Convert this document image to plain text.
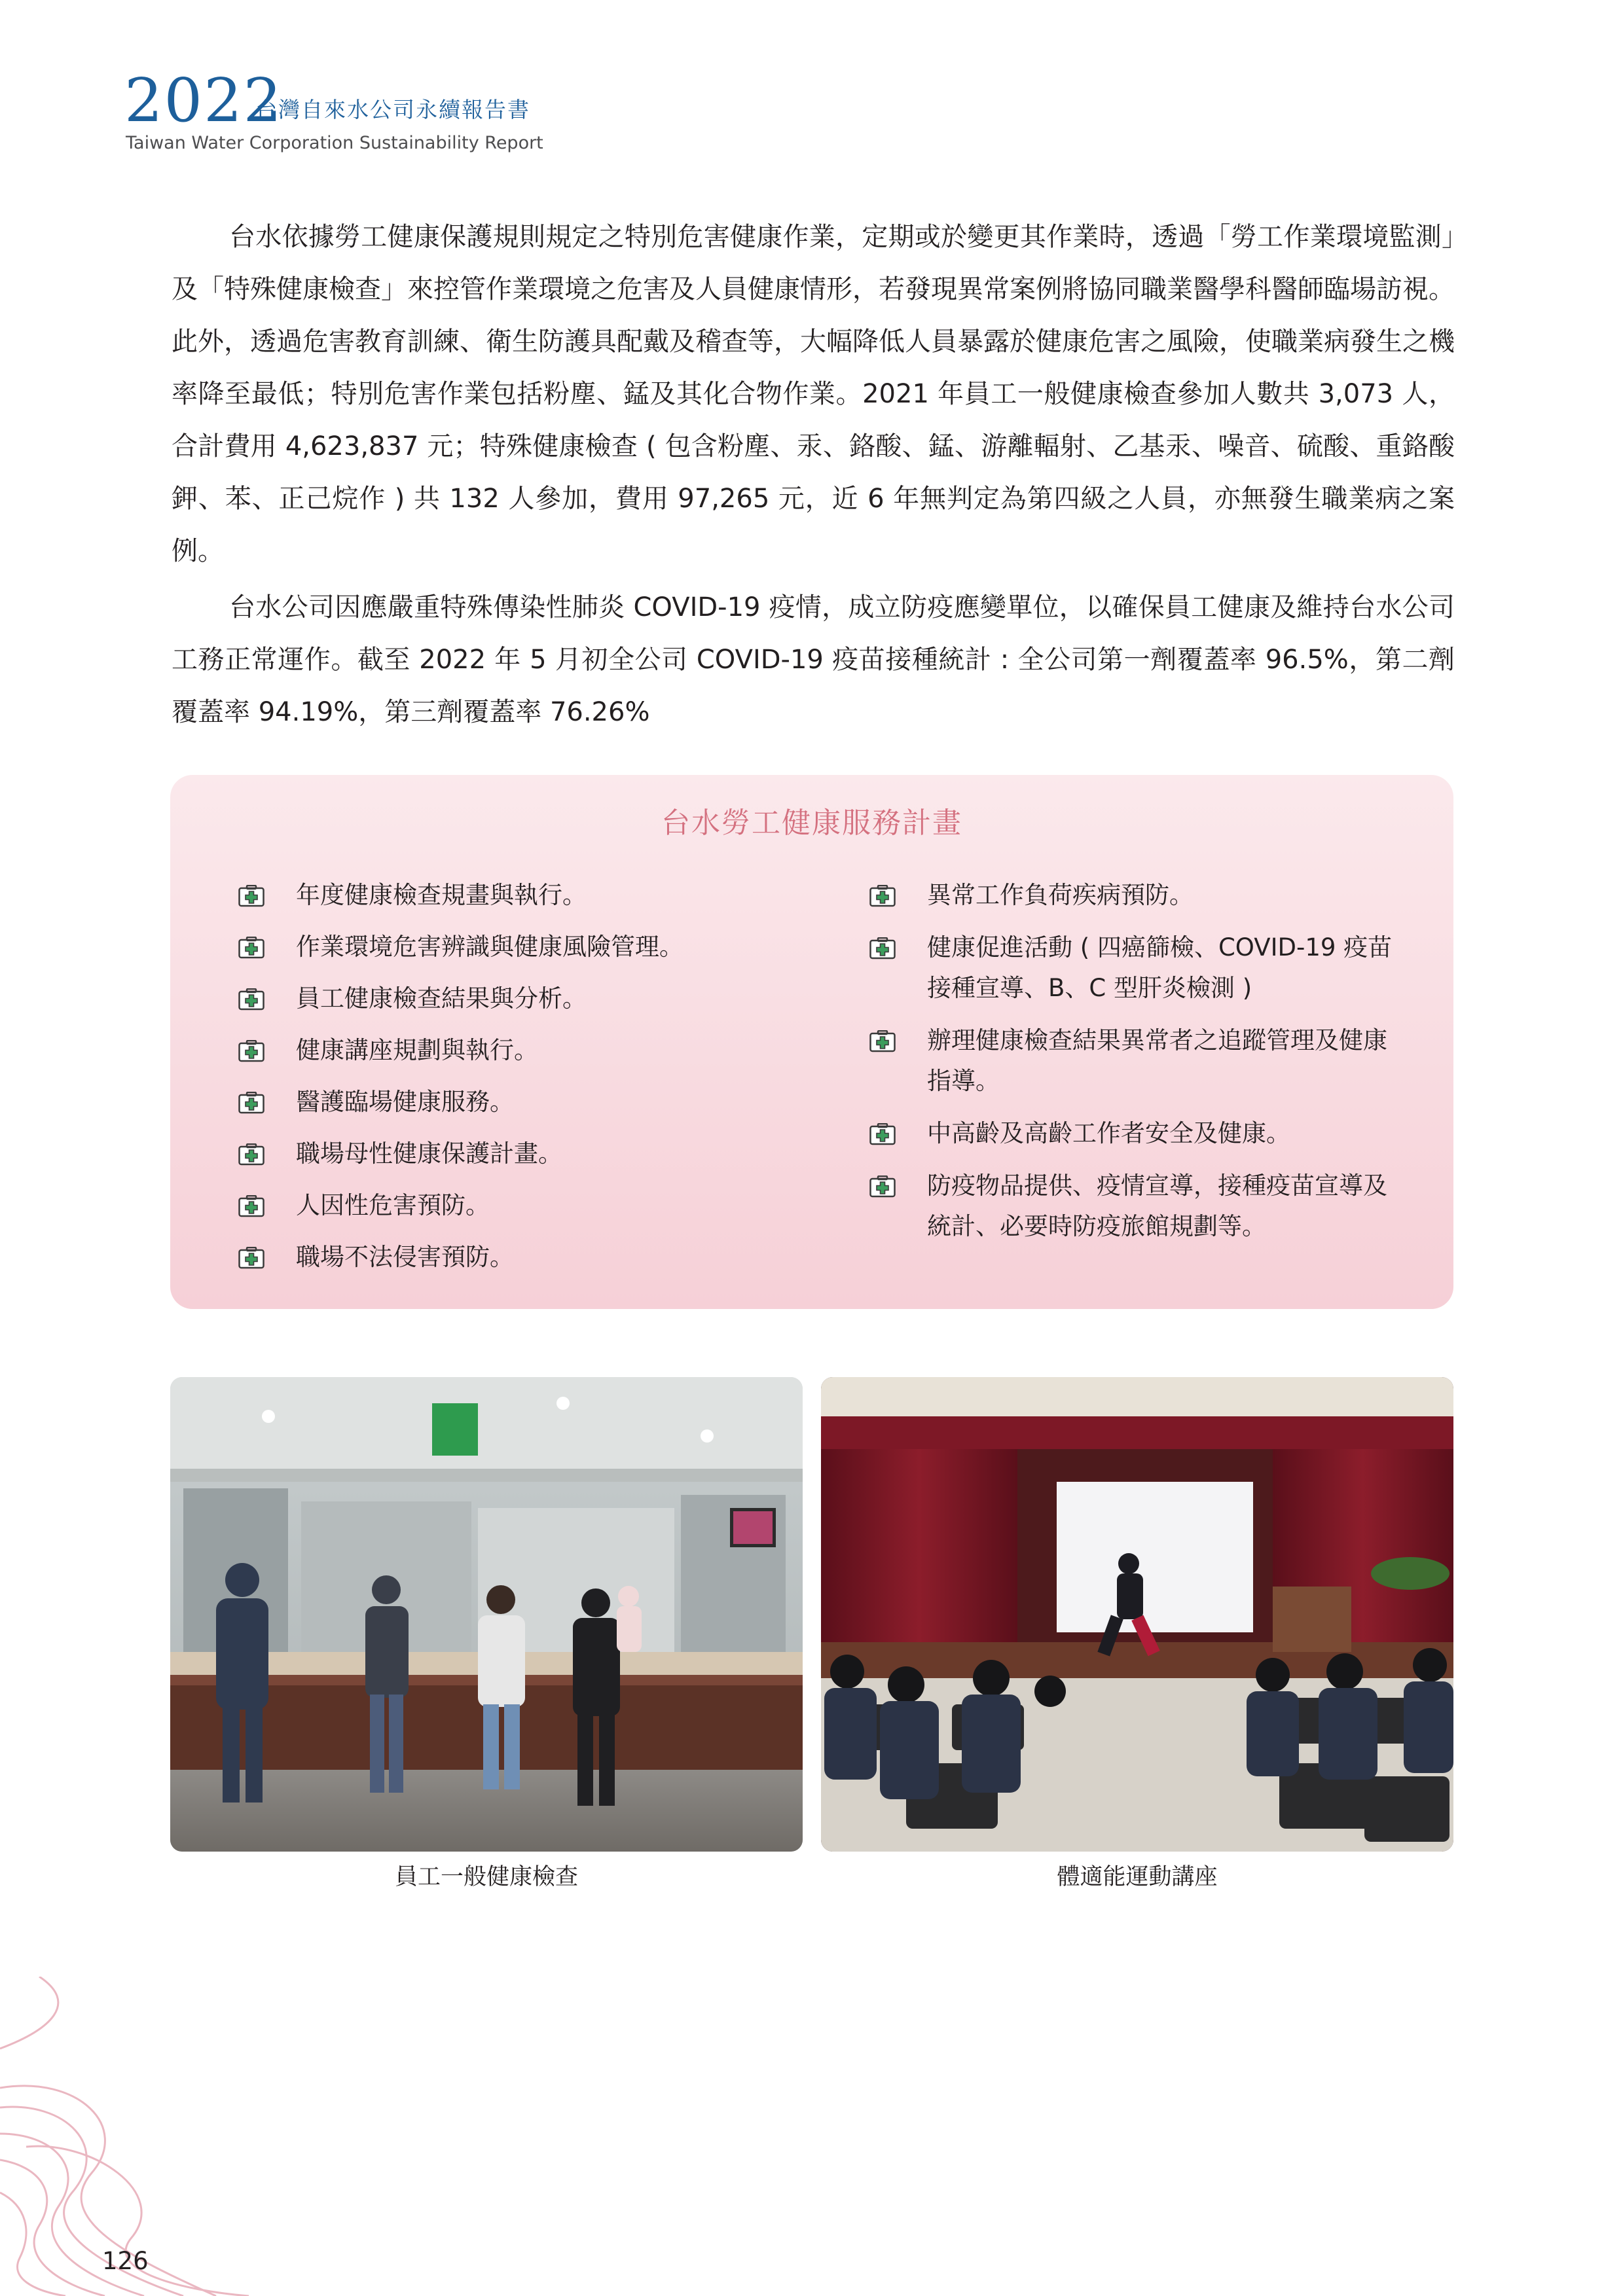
2022
台灣自來水公司永續報告書
Taiwan Water Corporation Sustainability Report

台水依據勞工健康保護規則規定之特別危害健康作業，定期或於變更其作業時，透過「勞工作業環境監測」及「特殊健康檢查」來控管作業環境之危害及人員健康情形，若發現異常案例將協同職業醫學科醫師臨場訪視。此外，透過危害教育訓練、衛生防護具配戴及稽查等，大幅降低人員暴露於健康危害之風險，使職業病發生之機率降至最低；特別危害作業包括粉塵、錳及其化合物作業。2021 年員工一般健康檢查參加人數共 3,073 人，合計費用 4,623,837 元；特殊健康檢查 ( 包含粉塵、汞、鉻酸、錳、游離輻射、乙基汞、噪音、硫酸、重鉻酸鉀、苯、正己烷作 ) 共 132 人參加，費用 97,265 元，近 6 年無判定為第四級之人員，亦無發生職業病之案例。

台水公司因應嚴重特殊傳染性肺炎 COVID-19 疫情，成立防疫應變單位，以確保員工健康及維持台水公司工務正常運作。截至 2022 年 5 月初全公司 COVID-19 疫苗接種統計 : 全公司第一劑覆蓋率 96.5%，第二劑覆蓋率 94.19%，第三劑覆蓋率 76.26%

台水勞工健康服務計畫
年度健康檢查規畫與執行。
作業環境危害辨識與健康風險管理。
員工健康檢查結果與分析。
健康講座規劃與執行。
醫護臨場健康服務。
職場母性健康保護計畫。
人因性危害預防。
職場不法侵害預防。
異常工作負荷疾病預防。
健康促進活動 ( 四癌篩檢、COVID-19 疫苗接種宣導、B、C 型肝炎檢測 )
辦理健康檢查結果異常者之追蹤管理及健康指導。
中高齡及高齡工作者安全及健康。
防疫物品提供、疫情宣導，接種疫苗宣導及統計、必要時防疫旅館規劃等。
員工一般健康檢查	體適能運動講座
126
